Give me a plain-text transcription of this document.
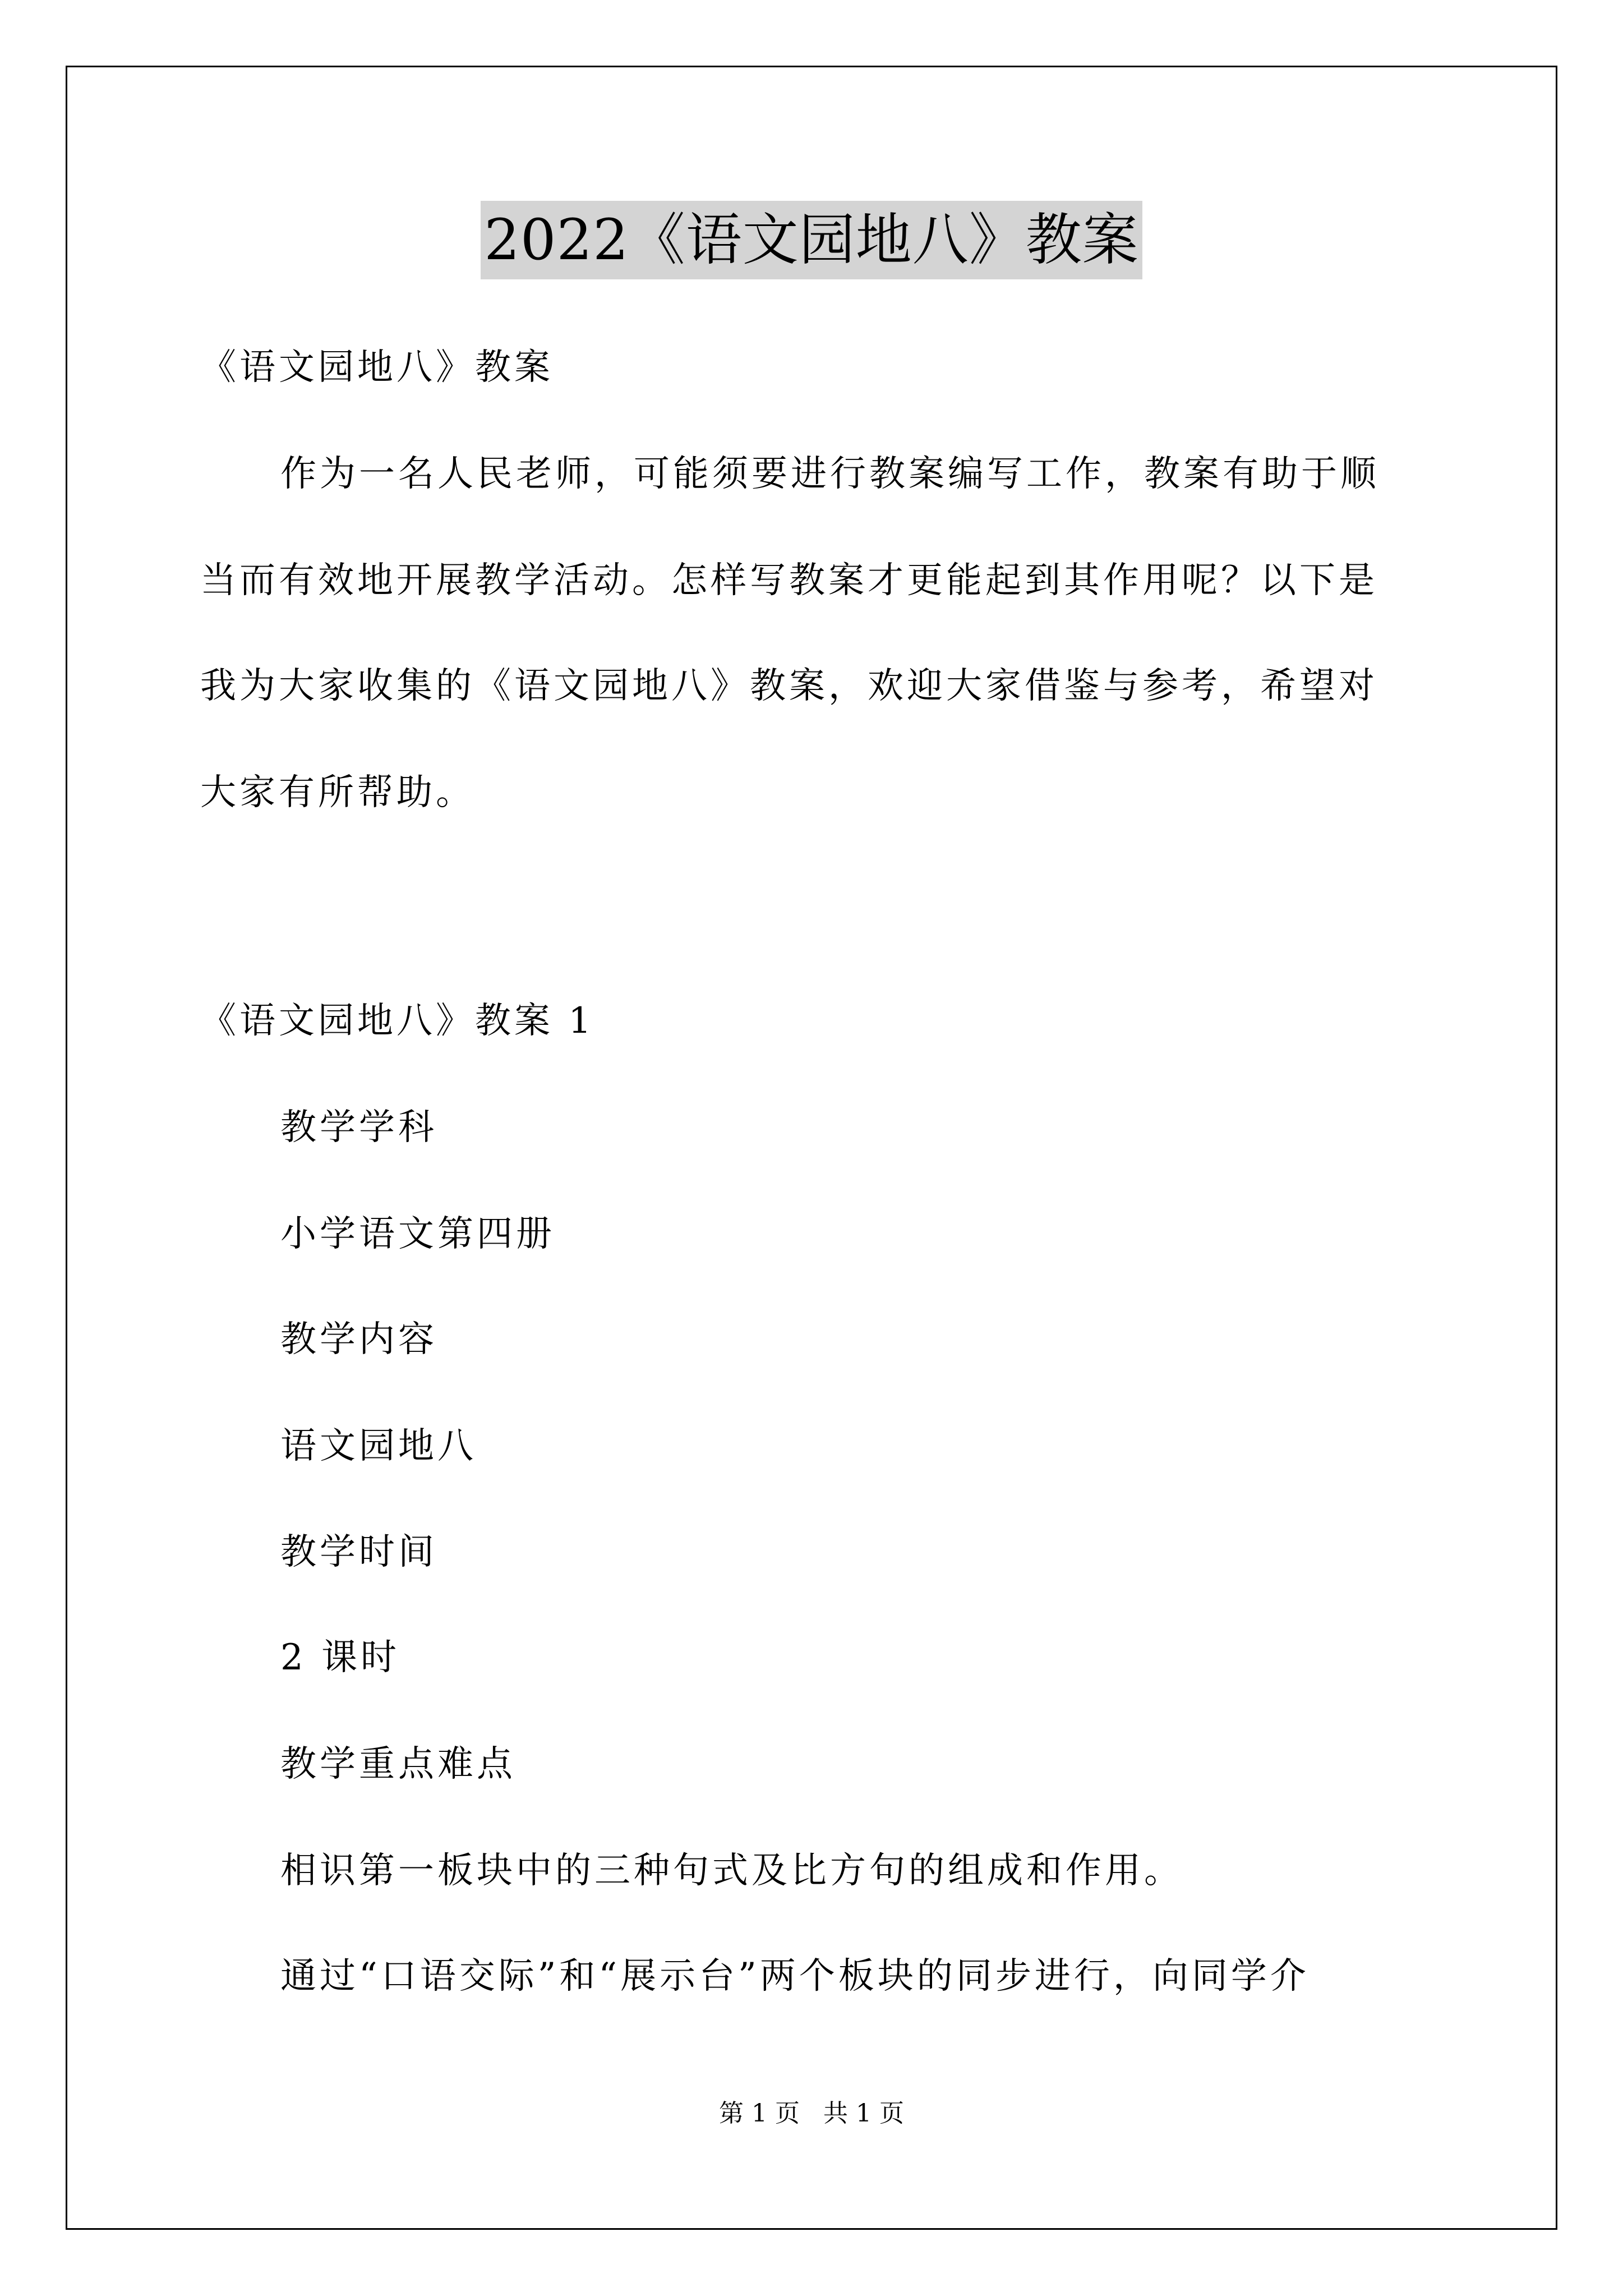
2022《语文园地八》教案

《语文园地八》教案

作为一名人民老师，可能须要进行教案编写工作，教案有助于顺

当而有效地开展教学活动。怎样写教案才更能起到其作用呢？以下是

我为大家收集的《语文园地八》教案，欢迎大家借鉴与参考，希望对

大家有所帮助。

《语文园地八》教案 1

教学学科

小学语文第四册

教学内容

语文园地八

教学时间

2 课时

教学重点难点

相识第一板块中的三种句式及比方句的组成和作用。

通过“口语交际”和“展示台”两个板块的同步进行，向同学介

第 1 页   共 1 页
